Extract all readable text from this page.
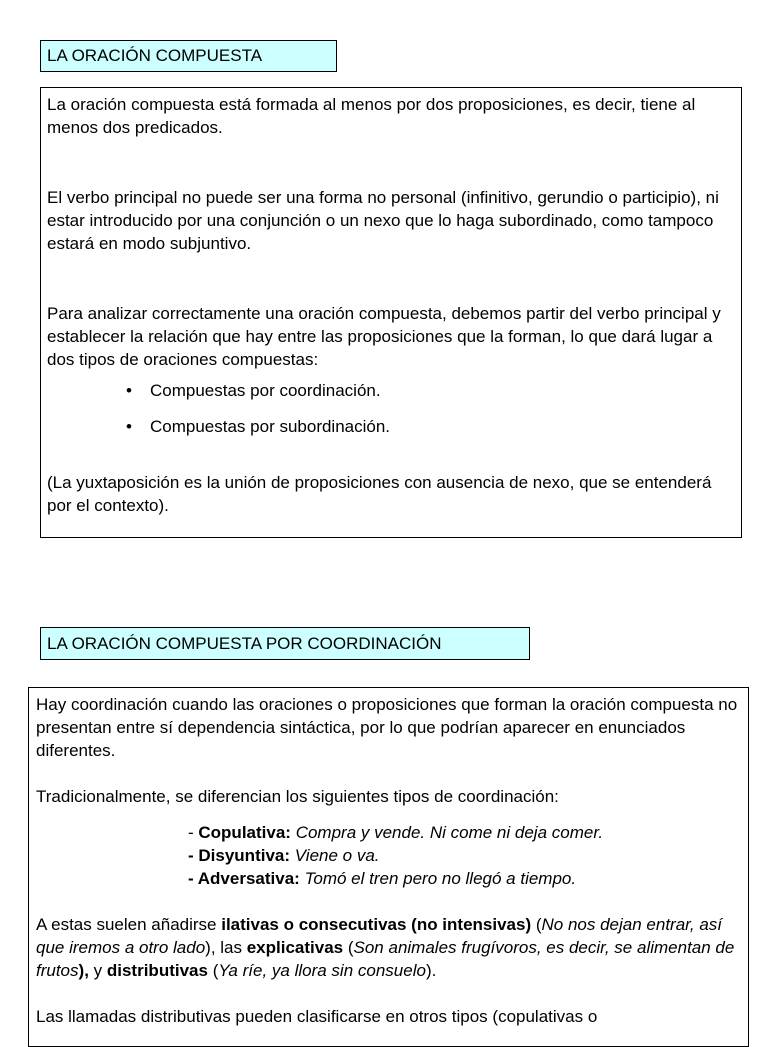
LA ORACIÓN COMPUESTA

La oración compuesta está formada al menos por dos proposiciones, es decir, tiene al menos dos predicados.

El verbo principal no puede ser una forma no personal (infinitivo, gerundio o participio), ni estar introducido por una conjunción o un nexo que lo haga subordinado, como tampoco estará en modo subjuntivo.

Para analizar correctamente una oración compuesta, debemos partir del verbo principal y establecer la relación que hay entre las proposiciones que la forman, lo que dará lugar a dos tipos de oraciones compuestas:

• Compuestas por coordinación.
• Compuestas por subordinación.

(La yuxtaposición es la unión de proposiciones con ausencia de nexo, que se entenderá por el contexto).

LA ORACIÓN COMPUESTA POR COORDINACIÓN

Hay coordinación cuando las oraciones o proposiciones que forman la oración compuesta no presentan entre sí dependencia sintáctica, por lo que podrían aparecer en enunciados diferentes.

Tradicionalmente, se diferencian los siguientes tipos de coordinación:

- Copulativa: Compra y vende. Ni come ni deja comer.
- Disyuntiva: Viene o va.
- Adversativa: Tomó el tren pero no llegó a tiempo.

A estas suelen añadirse ilativas o consecutivas (no intensivas) (No nos dejan entrar, así que iremos a otro lado), las explicativas (Son animales frugívoros, es decir, se alimentan de frutos), y distributivas (Ya ríe, ya llora sin consuelo).

Las llamadas distributivas pueden clasificarse en otros tipos (copulativas o
